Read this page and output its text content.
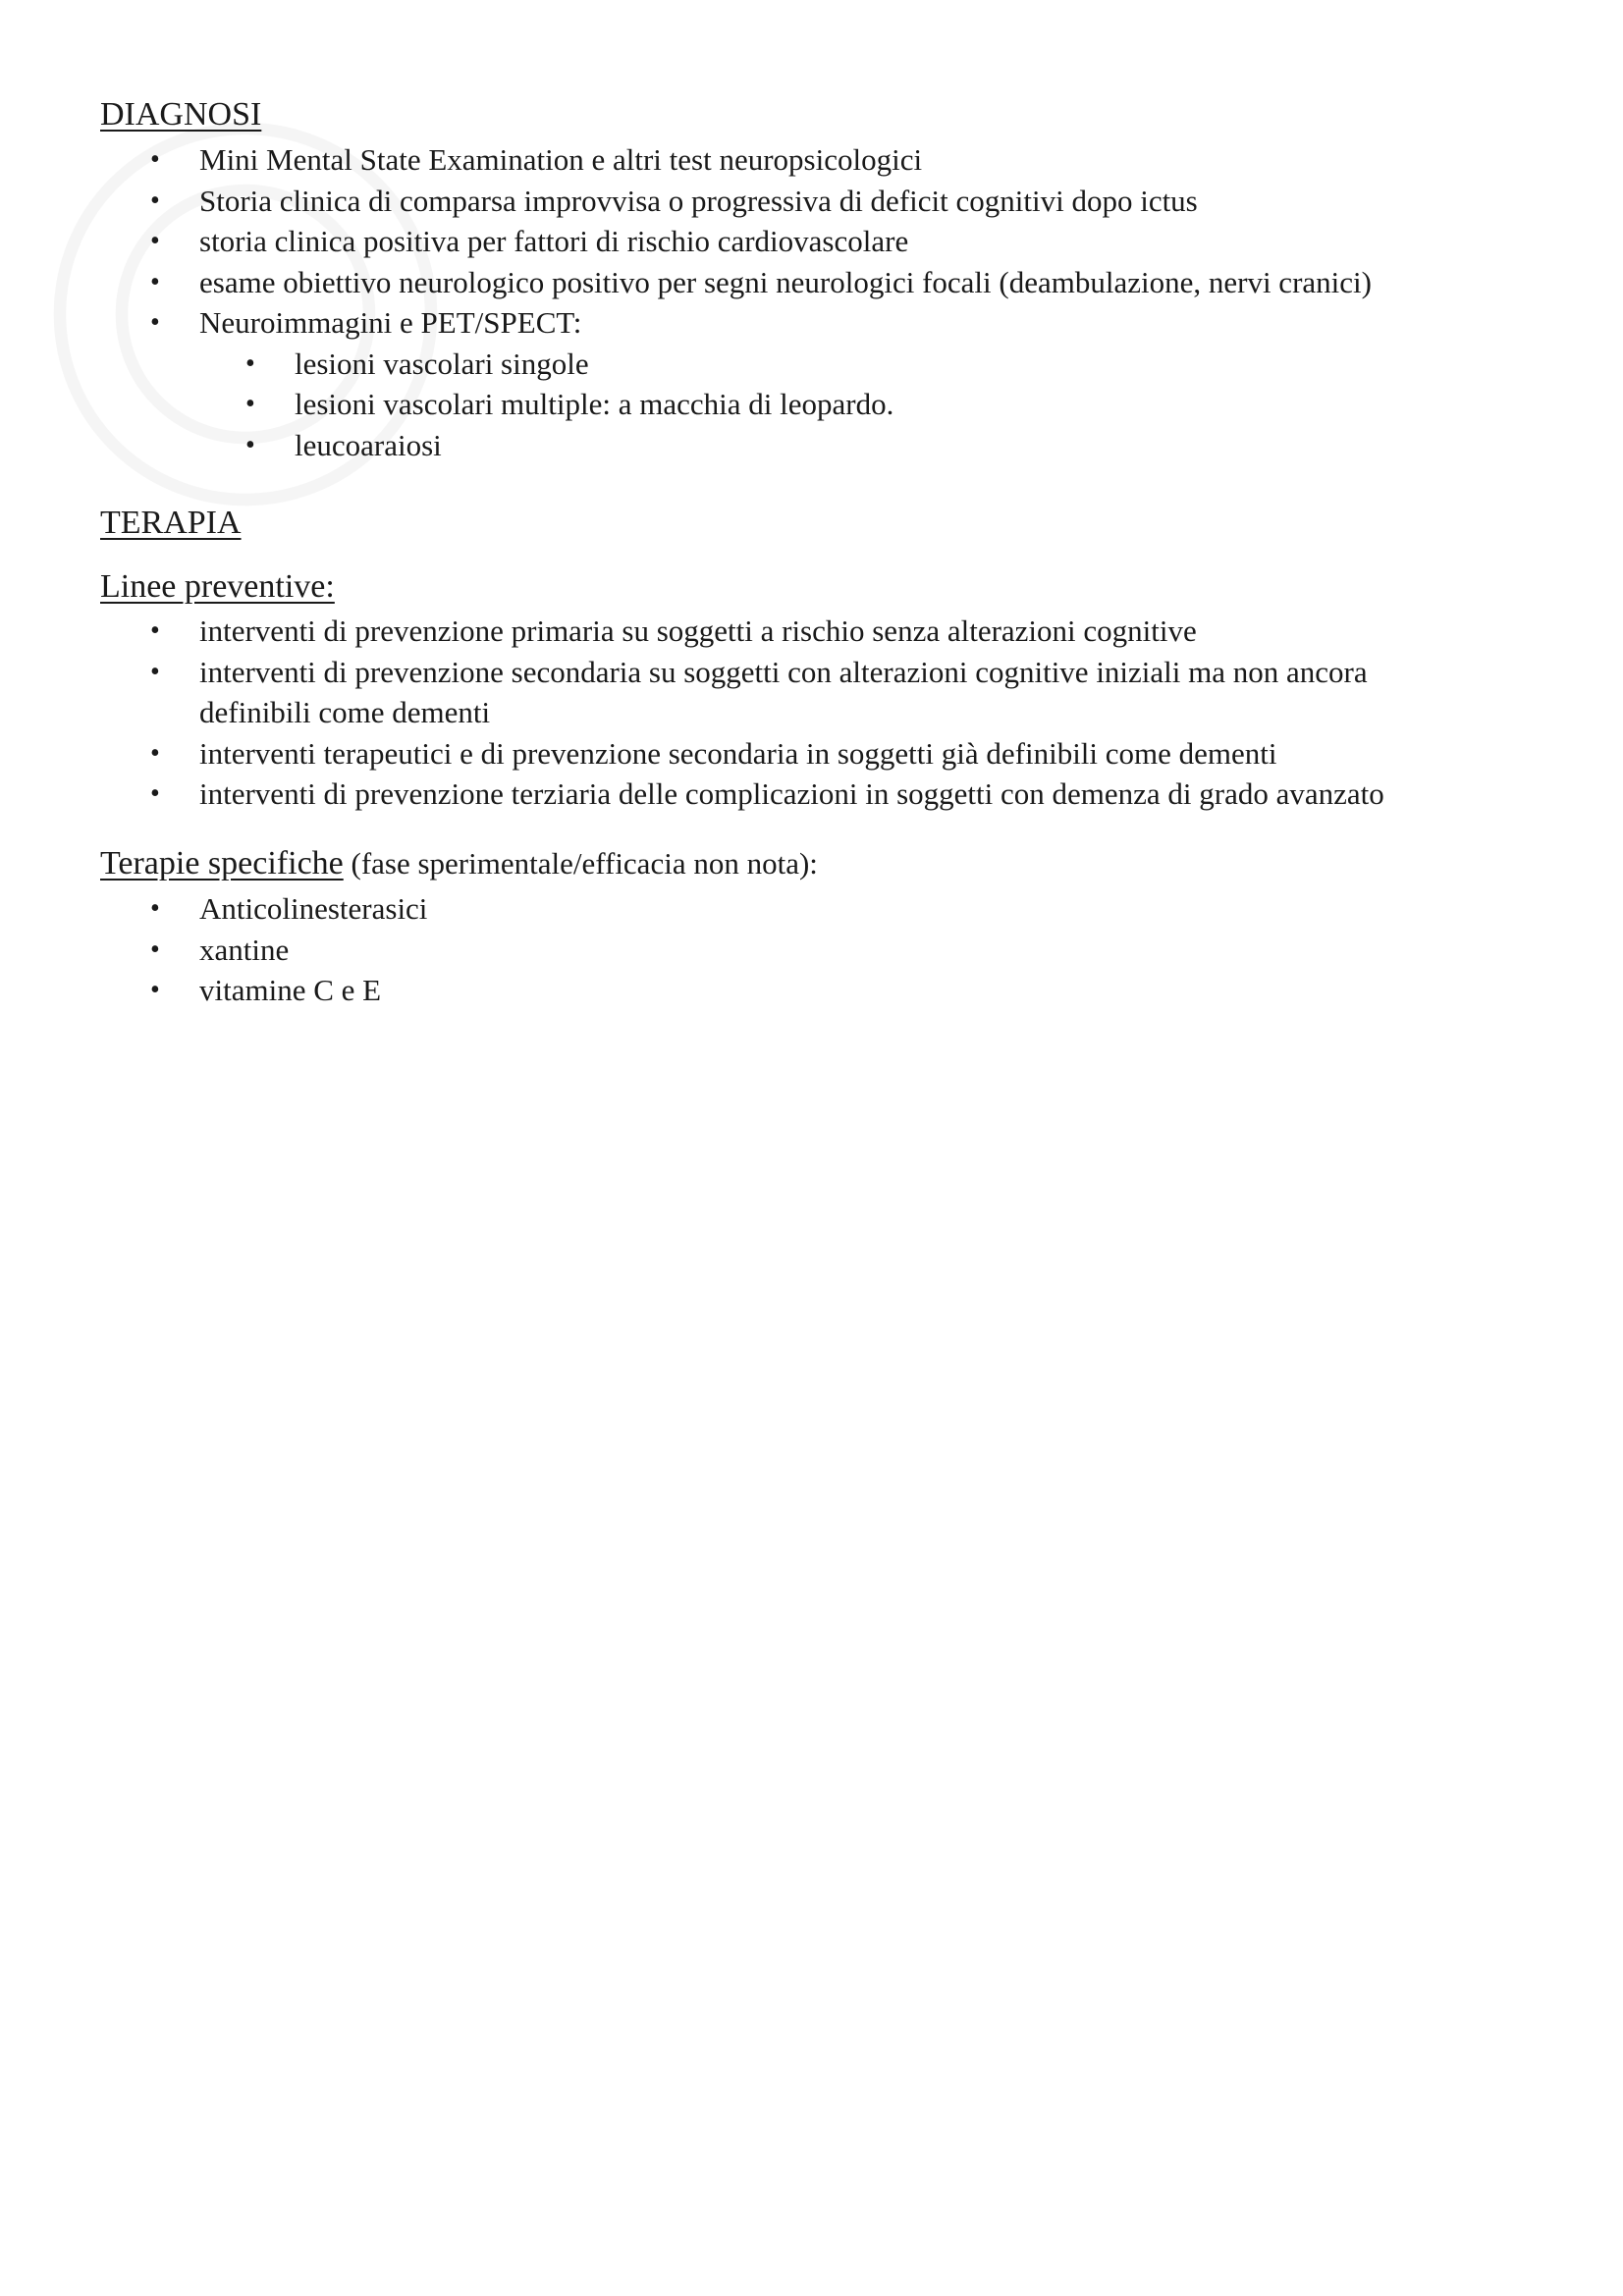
DIAGNOSI
• Mini Mental State Examination e altri test neuropsicologici
• Storia clinica di comparsa improvvisa o progressiva di deficit cognitivi dopo ictus
• storia clinica positiva per fattori di rischio cardiovascolare
• esame obiettivo neurologico positivo per segni neurologici focali (deambulazione, nervi cranici)
• Neuroimmagini e PET/SPECT:
• lesioni vascolari singole
• lesioni vascolari multiple: a macchia di leopardo.
• leucoaraiosi
TERAPIA

Linee preventive:

• interventi di prevenzione primaria su soggetti a rischio senza alterazioni cognitive
• interventi di prevenzione secondaria su soggetti con alterazioni cognitive iniziali ma non ancora definibili come dementi
• interventi terapeutici e di prevenzione secondaria in soggetti già definibili come dementi
• interventi di prevenzione terziaria delle complicazioni in soggetti con demenza di grado avanzato

Terapie specifiche (fase sperimentale/efficacia non nota):

• Anticolinesterasici
• xantine
• vitamine C e E
